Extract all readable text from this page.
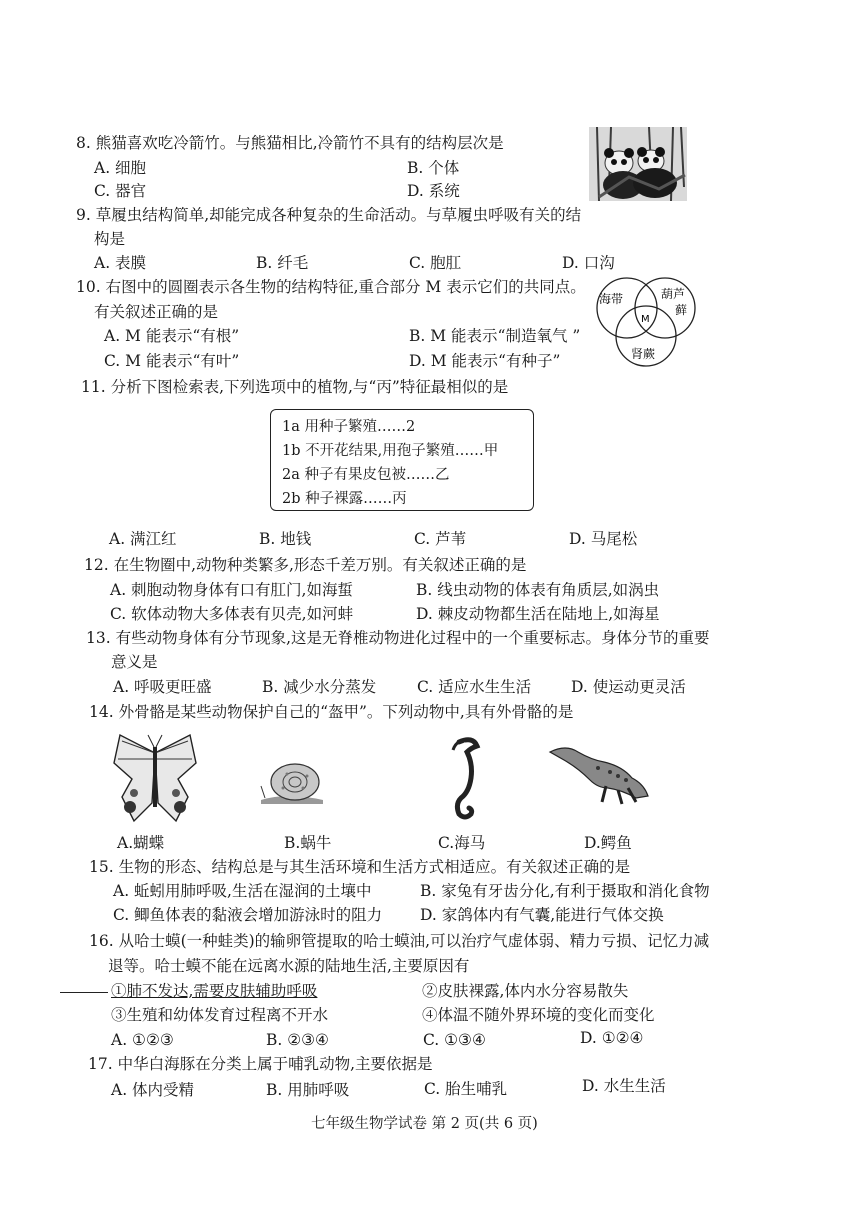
8. 熊猫喜欢吃冷箭竹。与熊猫相比,冷箭竹不具有的结构层次是
A. 细胞	B. 个体
C. 器官	D. 系统
9. 草履虫结构简单,却能完成各种复杂的生命活动。与草履虫呼吸有关的结
构是
A. 表膜	B. 纤毛	C. 胞肛	D. 口沟
10. 右图中的圆圈表示各生物的结构特征,重合部分 M 表示它们的共同点。
有关叙述正确的是
A. M 能表示“有根”	B. M 能表示“制造氧气 ”
C. M 能表示“有叶”	D. M 能表示“有种子”
海带	葫芦
藓
肾蕨
M
11. 分析下图检索表,下列选项中的植物,与“丙”特征最相似的是
1a 用种子繁殖……2
1b 不开花结果,用孢子繁殖……甲
2a 种子有果皮包被……乙
2b 种子裸露……丙
A. 满江红	B. 地钱	C. 芦苇	D. 马尾松
12. 在生物圈中,动物种类繁多,形态千差万别。有关叙述正确的是
A. 刺胞动物身体有口有肛门,如海蜇	B. 线虫动物的体表有角质层,如涡虫
C. 软体动物大多体表有贝壳,如河蚌	D. 棘皮动物都生活在陆地上,如海星
13. 有些动物身体有分节现象,这是无脊椎动物进化过程中的一个重要标志。身体分节的重要
意义是
A. 呼吸更旺盛	B. 减少水分蒸发	C. 适应水生生活	D. 使运动更灵活
14. 外骨骼是某些动物保护自己的“盔甲”。下列动物中,具有外骨骼的是
A.蝴蝶	B.蜗牛	C.海马	D.鳄鱼
15. 生物的形态、结构总是与其生活环境和生活方式相适应。有关叙述正确的是
A. 蚯蚓用肺呼吸,生活在湿润的土壤中	B. 家兔有牙齿分化,有利于摄取和消化食物
C. 鲫鱼体表的黏液会增加游泳时的阻力 D. 家鸽体内有气囊,能进行气体交换
16. 从哈士蟆(一种蛙类)的输卵管提取的哈士蟆油,可以治疗气虚体弱、精力亏损、记忆力减
退等。哈士蟆不能在远离水源的陆地生活,主要原因有
①肺不发达,需要皮肤辅助呼吸	②皮肤裸露,体内水分容易散失
③生殖和幼体发育过程离不开水	④体温不随外界环境的变化而变化
A. ①②③	B. ②③④	C. ①③④	D. ①②④
17. 中华白海豚在分类上属于哺乳动物,主要依据是
A. 体内受精	B. 用肺呼吸	C. 胎生哺乳	D. 水生生活
七年级生物学试卷 第 2 页(共 6 页)
